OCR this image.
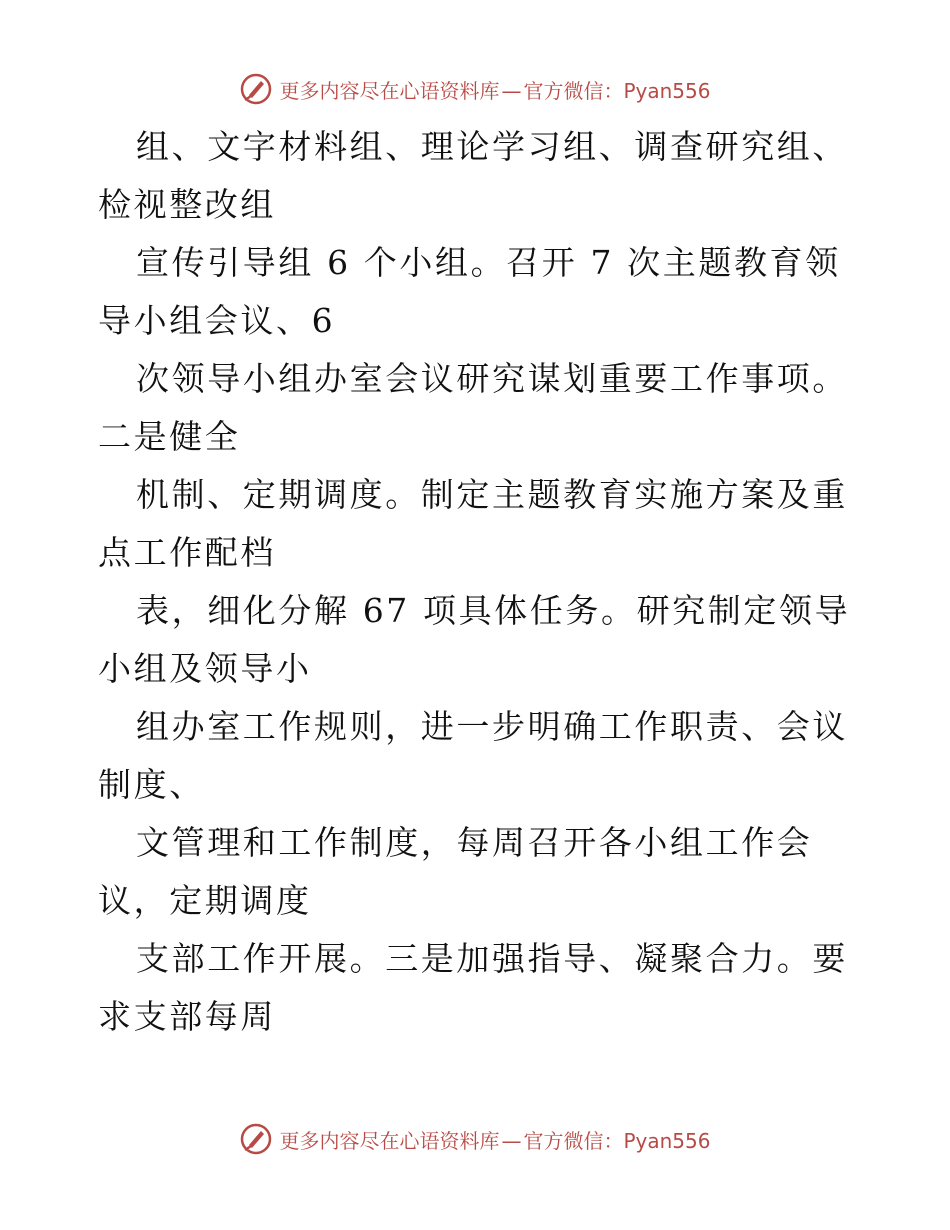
更多内容尽在心语资料库 — 官方微信：Pyan556

组、文字材料组、理论学习组、调查研究组、检视整改组

宣传引导组 6 个小组。召开 7 次主题教育领导小组会议、6

次领导小组办室会议研究谋划重要工作事项。二是健全

机制、定期调度。制定主题教育实施方案及重点工作配档

表，细化分解 67 项具体任务。研究制定领导小组及领导小

组办室工作规则，进一步明确工作职责、会议制度、

文管理和工作制度，每周召开各小组工作会议，定期调度

支部工作开展。三是加强指导、凝聚合力。要求支部每周

更多内容尽在心语资料库 — 官方微信：Pyan556
